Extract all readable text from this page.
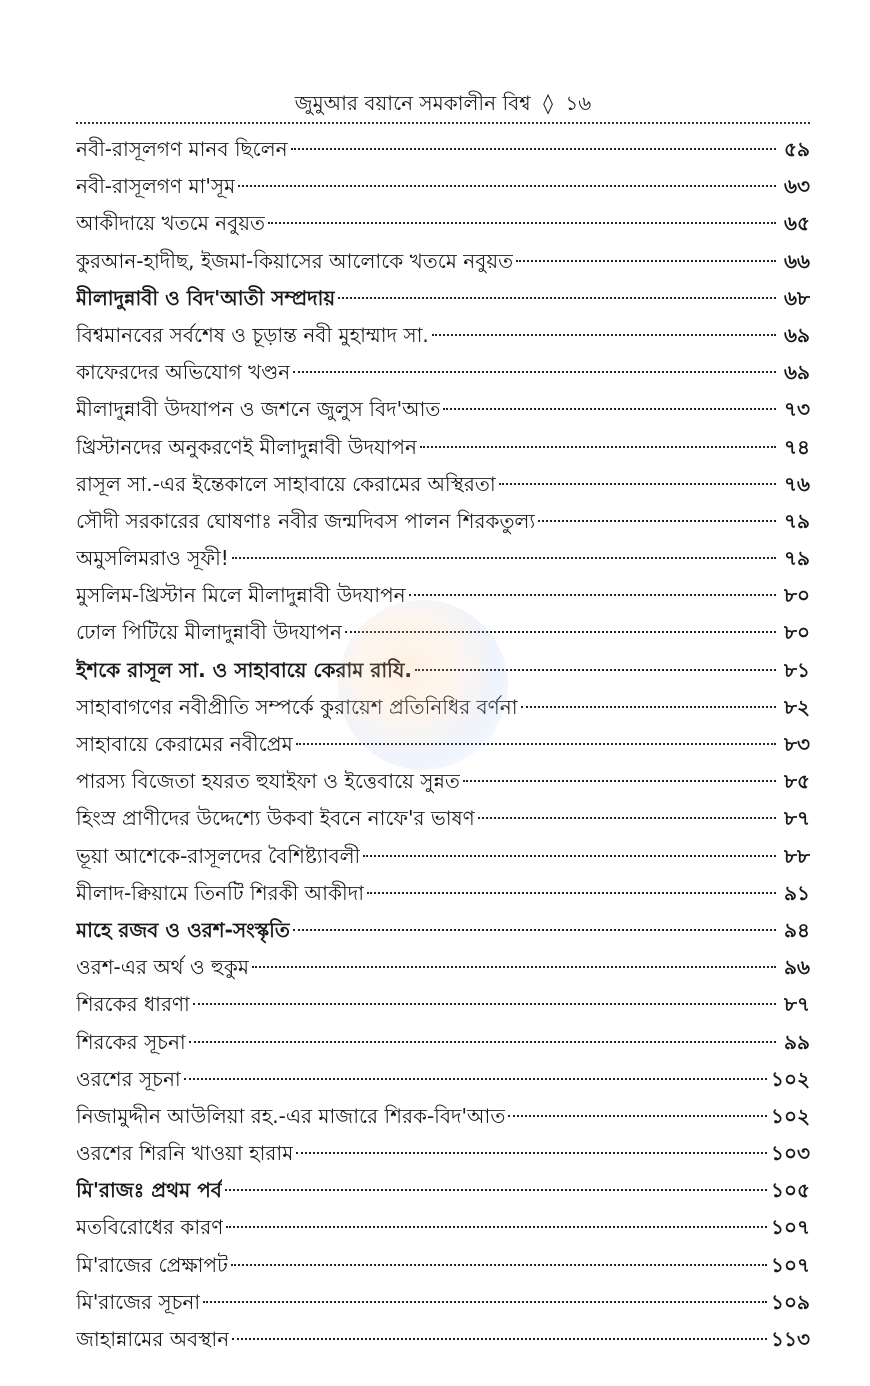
জুমুআর বয়ানে সমকালীন বিশ্ব ◊ ১৬
নবী-রাসূলগণ মানব ছিলেন	৫৯
নবী-রাসূলগণ মা'সূম	৬৩
আকীদায়ে খতমে নবুয়ত	৬৫
কুরআন-হাদীছ, ইজমা-কিয়াসের আলোকে খতমে নবুয়ত	৬৬
মীলাদুন্নাবী ও বিদ'আতী সম্প্রদায়	৬৮
বিশ্বমানবের সর্বশেষ ও চূড়ান্ত নবী মুহাম্মাদ সা.	৬৯
কাফেরদের অভিযোগ খণ্ডন	৬৯
মীলাদুন্নাবী উদযাপন ও জশনে জুলুস বিদ'আত	৭৩
খ্রিস্টানদের অনুকরণেই মীলাদুন্নাবী উদযাপন	৭৪
রাসূল সা.-এর ইন্তেকালে সাহাবায়ে কেরামের অস্থিরতা	৭৬
সৌদী সরকারের ঘোষণাঃ নবীর জন্মদিবস পালন শিরকতুল্য	৭৯
অমুসলিমরাও সূফী!	৭৯
মুসলিম-খ্রিস্টান মিলে মীলাদুন্নাবী উদযাপন	৮০
ঢোল পিটিয়ে মীলাদুন্নাবী উদযাপন	৮০
ইশকে রাসূল সা. ও সাহাবায়ে কেরাম রাযি.	৮১
সাহাবাগণের নবীপ্রীতি সম্পর্কে কুরায়েশ প্রতিনিধির বর্ণনা	৮২
সাহাবায়ে কেরামের নবীপ্রেম	৮৩
পারস্য বিজেতা হযরত হুযাইফা ও ইত্তেবায়ে সুন্নত	৮৫
হিংস্র প্রাণীদের উদ্দেশ্যে উকবা ইবনে নাফে'র ভাষণ	৮৭
ভূয়া আশেকে-রাসূলদের বৈশিষ্ট্যাবলী	৮৮
মীলাদ-ক্বিয়ামে তিনটি শিরকী আকীদা	৯১
মাহে রজব ও ওরশ-সংস্কৃতি	৯৪
ওরশ-এর অর্থ ও হুকুম	৯৬
শিরকের ধারণা	৮৭
শিরকের সূচনা	৯৯
ওরশের সূচনা	১০২
নিজামুদ্দীন আউলিয়া রহ.-এর মাজারে শিরক-বিদ'আত	১০২
ওরশের শিরনি খাওয়া হারাম	১০৩
মি'রাজঃ প্রথম পর্ব	১০৫
মতবিরোধের কারণ	১০৭
মি'রাজের প্রেক্ষাপট	১০৭
মি'রাজের সূচনা	১০৯
জাহান্নামের অবস্থান	১১৩
